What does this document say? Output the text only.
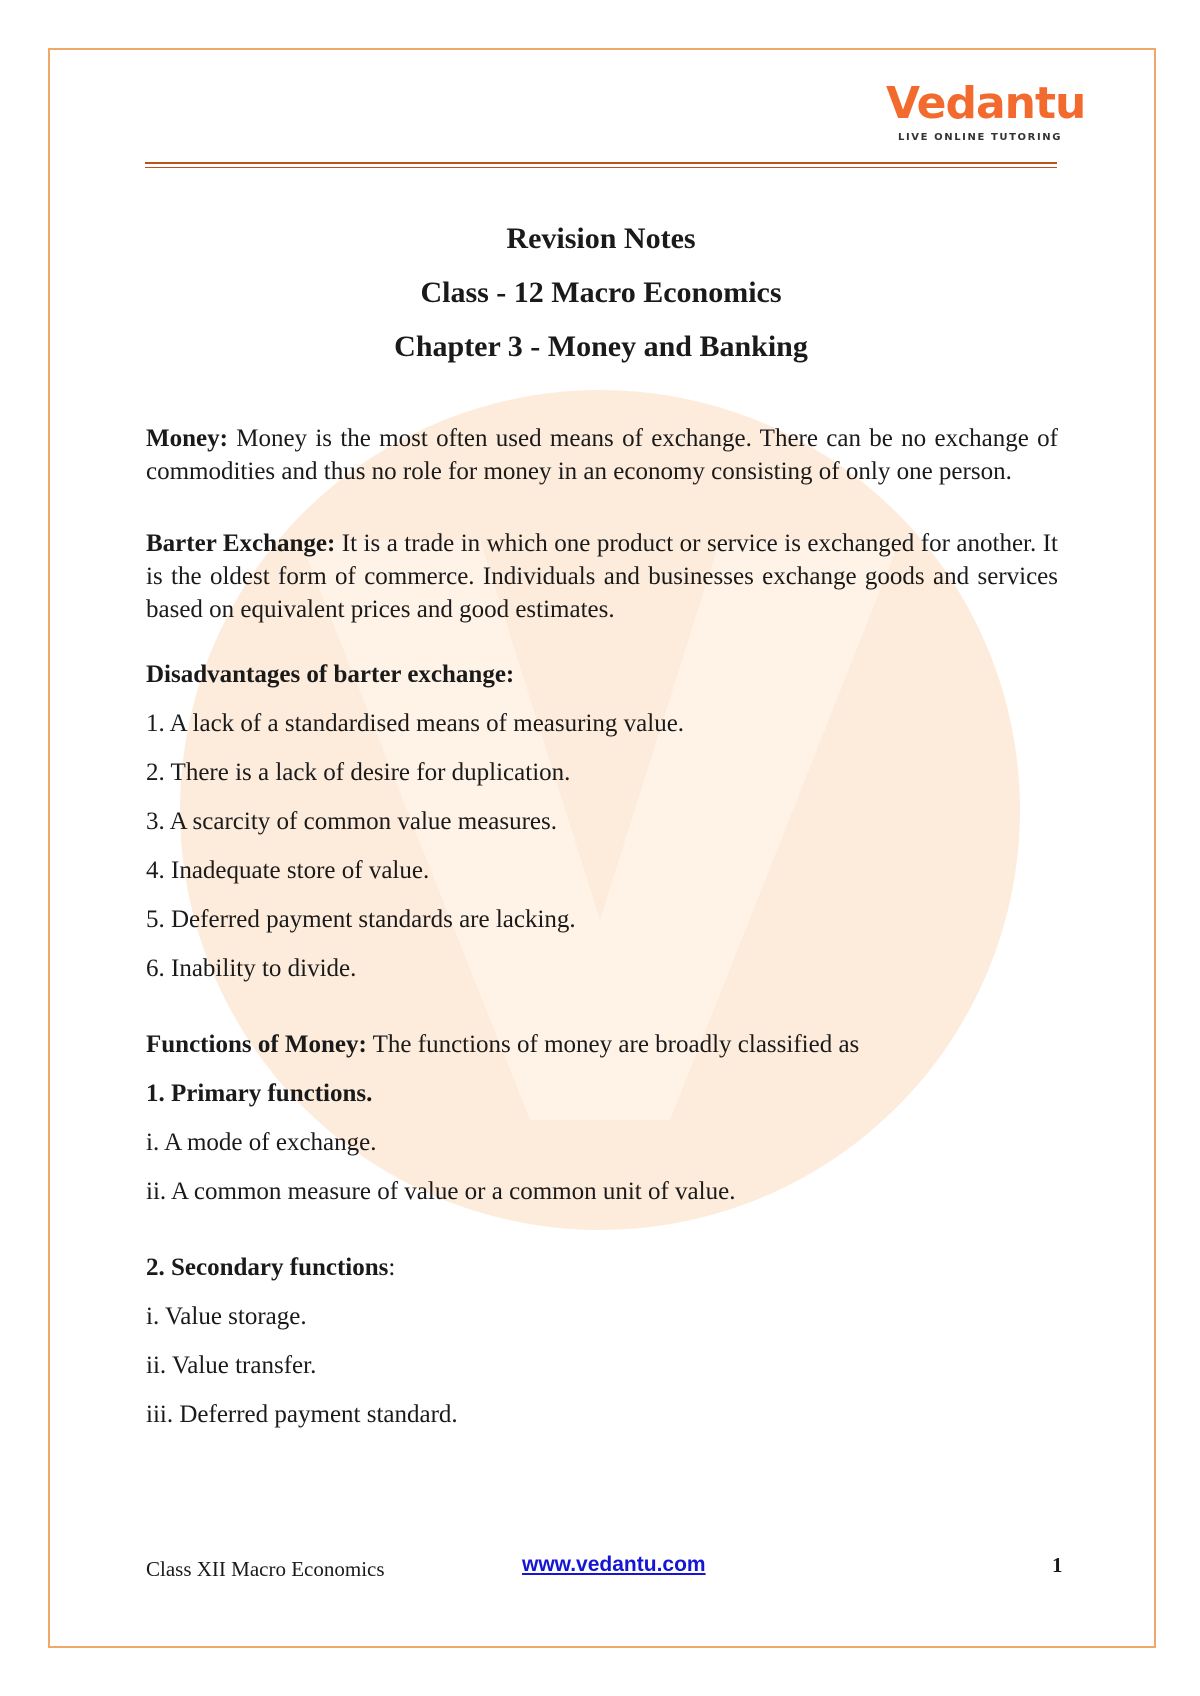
Vedantu
LIVE ONLINE TUTORING
Revision Notes
Class - 12 Macro Economics
Chapter 3 - Money and Banking

Money: Money is the most often used means of exchange. There can be no exchange of commodities and thus no role for money in an economy consisting of only one person.

Barter Exchange: It is a trade in which one product or service is exchanged for another. It is the oldest form of commerce. Individuals and businesses exchange goods and services based on equivalent prices and good estimates.

Disadvantages of barter exchange:
1. A lack of a standardised means of measuring value.
2. There is a lack of desire for duplication.
3. A scarcity of common value measures.
4. Inadequate store of value.
5. Deferred payment standards are lacking.
6. Inability to divide.
Functions of Money: The functions of money are broadly classified as
1. Primary functions.
i. A mode of exchange.
ii. A common measure of value or a common unit of value.
2. Secondary functions:
i. Value storage.
ii. Value transfer.
iii. Deferred payment standard.
Class XII Macro Economics	www.vedantu.com	1
